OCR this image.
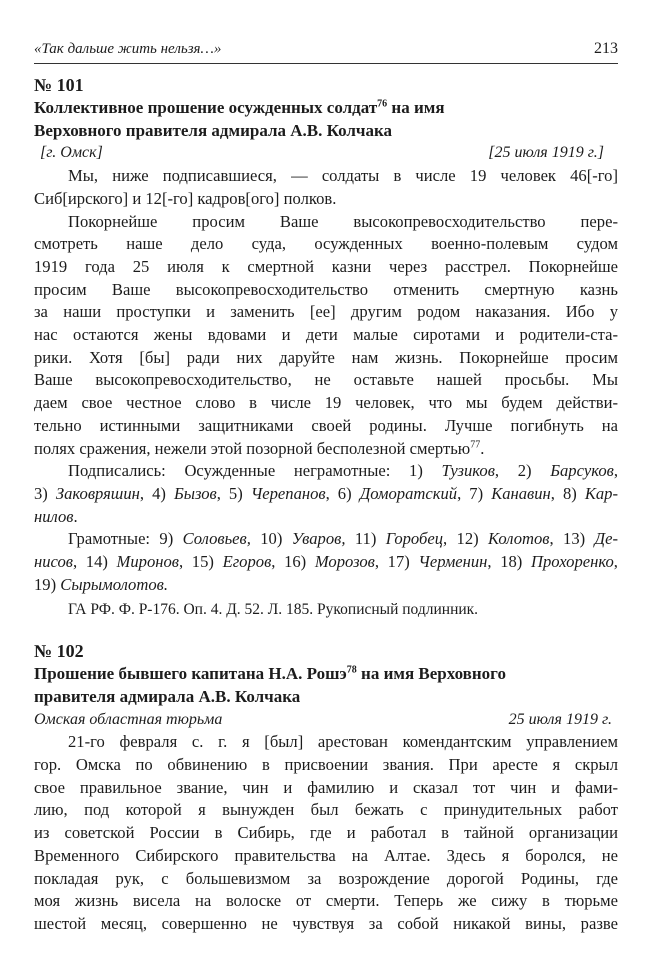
«Так дальше жить нельзя…»	213
№ 101
Коллективное прошение осужденных солдат$^{76}$ на имя
Верховного правителя адмирала А.В. Колчака
[г. Омск]	[25 июля 1919 г.]
Мы, ниже подписавшиеся, — солдаты в числе 19 человек 46[-го]
Сиб[ирского] и 12[-го] кадров[ого] полков.
Покорнейше просим Ваше высокопревосходительство пере-
смотреть наше дело суда, осужденных военно-полевым судом
1919 года 25 июля к смертной казни через расстрел. Покорнейше
просим Ваше высокопревосходительство отменить смертную казнь
за наши проступки и заменить [ее] другим родом наказания. Ибо у
нас остаются жены вдовами и дети малые сиротами и родители-ста-
рики. Хотя [бы] ради них даруйте нам жизнь. Покорнейше просим
Ваше высокопревосходительство, не оставьте нашей просьбы. Мы
даем свое честное слово в числе 19 человек, что мы будем действи-
тельно истинными защитниками своей родины. Лучше погибнуть на
полях сражения, нежели этой позорной бесполезной смертью$^{77}$.
Подписались: Осужденные неграмотные: 1) Тузиков, 2) Барсуков,
3) Заковряшин, 4) Бызов, 5) Черепанов, 6) Доморатский, 7) Канавин, 8) Кар-
нилов.
Грамотные: 9) Соловьев, 10) Уваров, 11) Горобец, 12) Колотов, 13) Де-
нисов, 14) Миронов, 15) Егоров, 16) Морозов, 17) Черменин, 18) Прохоренко,
19) Сырымолотов.
ГА РФ. Ф. Р-176. Оп. 4. Д. 52. Л. 185. Рукописный подлинник.
№ 102
Прошение бывшего капитана Н.А. Рошэ$^{78}$ на имя Верховного
правителя адмирала А.В. Колчака
Омская областная тюрьма	25 июля 1919 г.
21-го февраля с. г. я [был] арестован комендантским управлением
гор. Омска по обвинению в присвоении звания. При аресте я скрыл
свое правильное звание, чин и фамилию и сказал тот чин и фами-
лию, под которой я вынужден был бежать с принудительных работ
из советской России в Сибирь, где и работал в тайной организации
Временного Сибирского правительства на Алтае. Здесь я боролся, не
покладая рук, с большевизмом за возрождение дорогой Родины, где
моя жизнь висела на волоске от смерти. Теперь же сижу в тюрьме
шестой месяц, совершенно не чувствуя за собой никакой вины, разве
